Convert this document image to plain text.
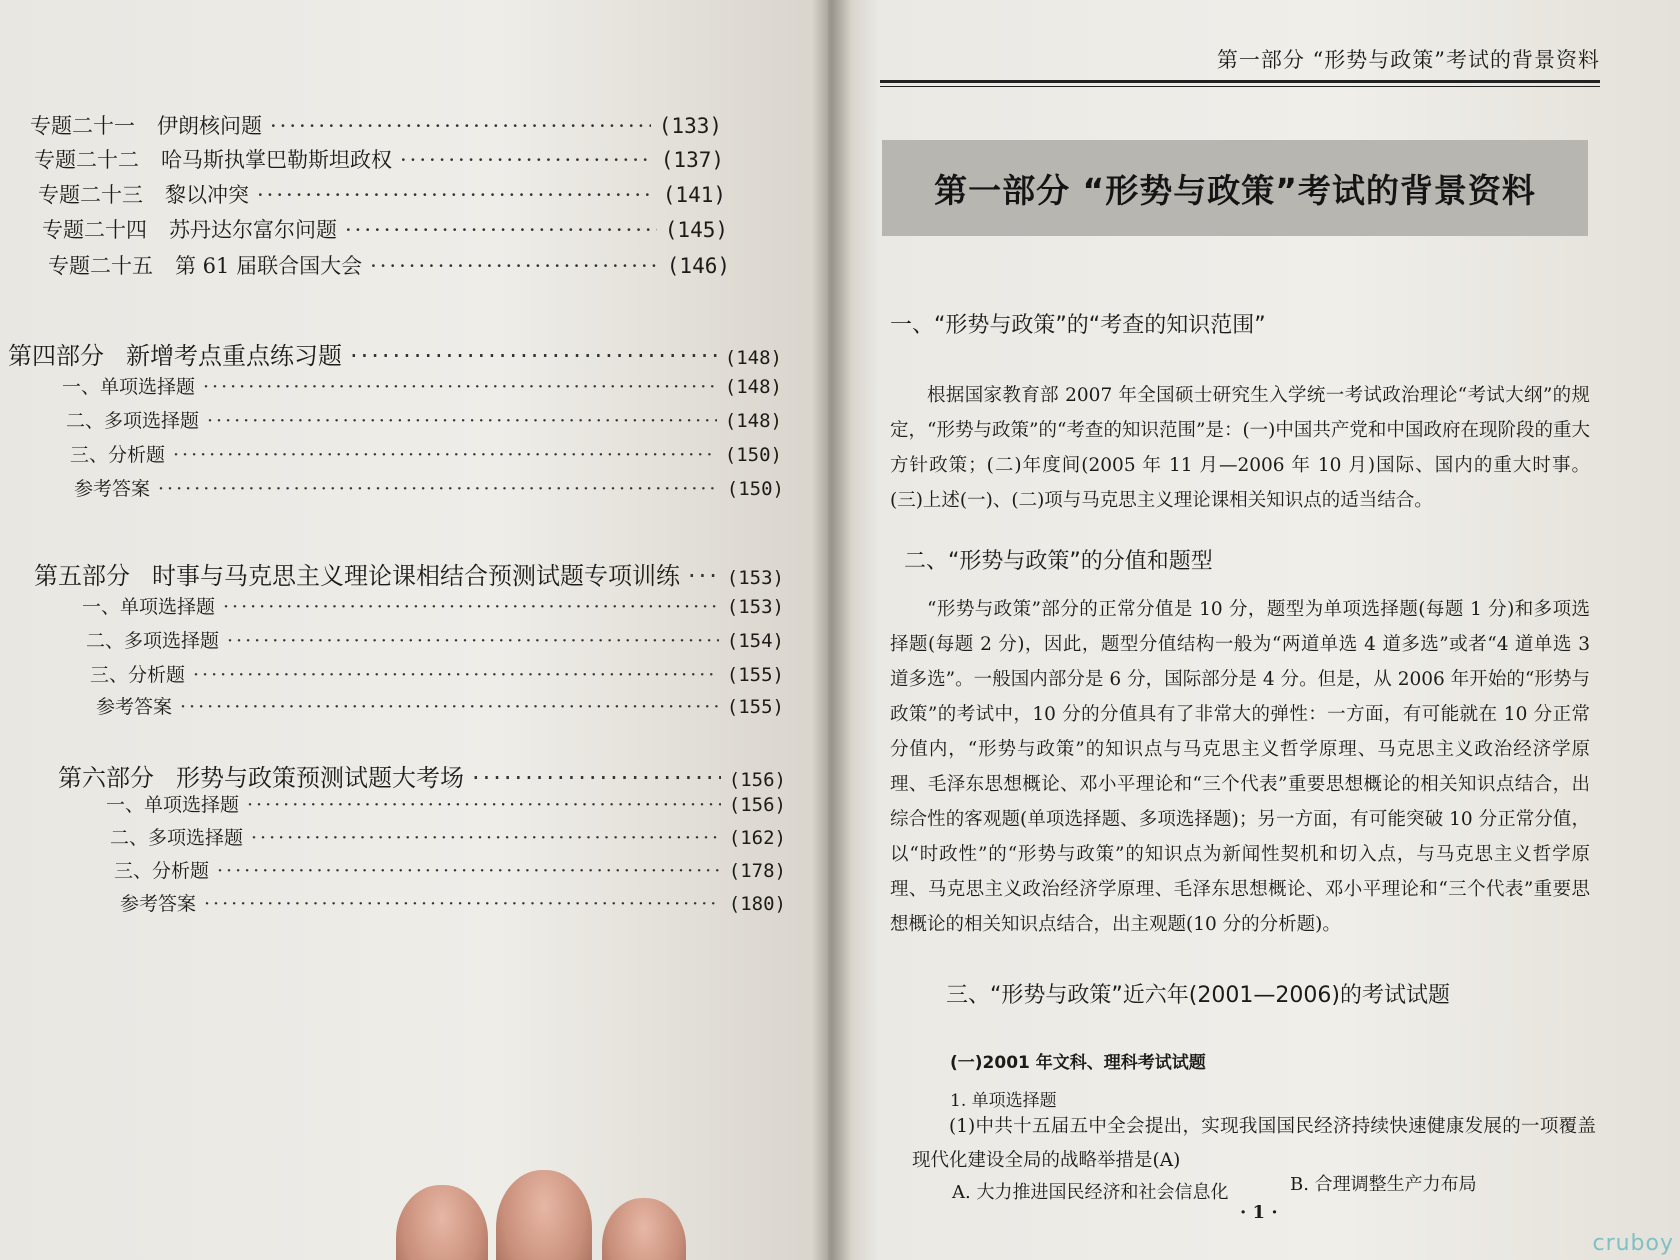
专题二十一 伊朗核问题 ·····	(133)
专题二十二 哈马斯执掌巴勒斯坦政权 ·····	(137)
专题二十三 黎以冲突 ·····	(141)
专题二十四 苏丹达尔富尔问题 ·····	(145)
专题二十五 第 61 届联合国大会 ·····	(146)
第四部分 新增考点重点练习题 ·····	(148)
一、单项选择题 ·····	(148)
二、多项选择题 ·····	(148)
三、分析题 ·····	(150)
参考答案 ·····	(150)
第五部分 时事与马克思主义理论课相结合预测试题专项训练 ····· (153)
一、单项选择题 ·····	(153)
二、多项选择题 ·····	(154)
三、分析题 ·····	(155)
参考答案 ·····	(155)
第六部分 形势与政策预测试题大考场 ·····	(156)
一、单项选择题 ·····	(156)
二、多项选择题 ·····	(162)
三、分析题 ·····	(178)
参考答案 ·····	(180)
第一部分 “形势与政策”考试的背景资料
第一部分 “形势与政策”考试的背景资料
一、“形势与政策”的“考查的知识范围”
根据国家教育部 2007 年全国硕士研究生入学统一考试政治理论“考试大纲”的规定，“形势与政策”的“考查的知识范围”是：(一)中国共产党和中国政府在现阶段的重大方针政策；(二)年度间(2005 年 11 月—2006 年 10 月)国际、国内的重大时事。(三)上述(一)、(二)项与马克思主义理论课相关知识点的适当结合。
二、“形势与政策”的分值和题型
“形势与政策”部分的正常分值是 10 分，题型为单项选择题(每题 1 分)和多项选择题(每题 2 分)，因此，题型分值结构一般为“两道单选 4 道多选”或者“4 道单选 3 道多选”。一般国内部分是 6 分，国际部分是 4 分。但是，从 2006 年开始的“形势与政策”的考试中，10 分的分值具有了非常大的弹性：一方面，有可能就在 10 分正常分值内，“形势与政策”的知识点与马克思主义哲学原理、马克思主义政治经济学原理、毛泽东思想概论、邓小平理论和“三个代表”重要思想概论的相关知识点结合，出综合性的客观题(单项选择题、多项选择题)；另一方面，有可能突破 10 分正常分值，以“时政性”的“形势与政策”的知识点为新闻性契机和切入点，与马克思主义哲学原理、马克思主义政治经济学原理、毛泽东思想概论、邓小平理论和“三个代表”重要思想概论的相关知识点结合，出主观题(10 分的分析题)。
三、“形势与政策”近六年(2001—2006)的考试试题
(一)2001 年文科、理科考试试题
1. 单项选择题
(1)中共十五届五中全会提出，实现我国国民经济持续快速健康发展的一项覆盖现代化建设全局的战略举措是(A)
A. 大力推进国民经济和社会信息化	B. 合理调整生产力布局
· 1 ·
cruboy
